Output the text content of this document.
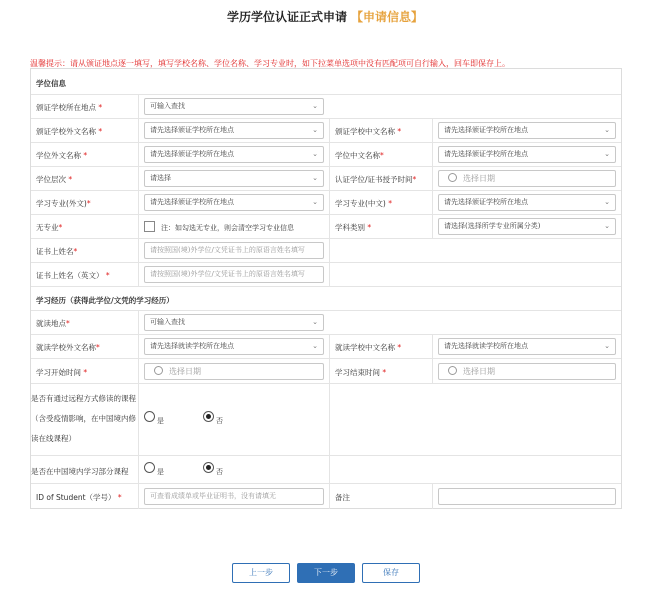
学历学位认证正式申请 【申请信息】
温馨提示：请从颁证地点逐一填写，填写学校名称、学位名称、学习专业时，如下拉菜单选项中没有匹配项可自行输入，回车即保存上。
学位信息
颁证学校所在地点 *	可输入查找	⌄
颁证学校外文名称 *	请先选择颁证学校所在地点	⌄ 颁证学校中文名称 *	请先选择颁证学校所在地点	⌄
学位外文名称 *	请先选择颁证学校所在地点	⌄ 学位中文名称*	请先选择颁证学校所在地点	⌄
学位层次 *	请选择	⌄ 认证学位/证书授予时间*	选择日期
学习专业(外文)*	请先选择颁证学校所在地点	⌄ 学习专业(中文) *	请先选择颁证学校所在地点	⌄
无专业*	注：如勾选无专业，则会清空学习专业信息	学科类别 *	请选择(选择所学专业所属分类)	⌄
证书上姓名*	请按照国(境)外学位/文凭证书上的原语言姓名填写
证书上姓名（英文） *	请按照国(境)外学位/文凭证书上的原语言姓名填写
学习经历（获得此学位/文凭的学习经历）
就读地点*	可输入查找	⌄
就读学校外文名称*	请先选择就读学校所在地点	⌄ 就读学校中文名称 *	请先选择就读学校所在地点	⌄
学习开始时间 *	选择日期	学习结束时间 *	选择日期
是否有通过远程方式修读的课程
（含受疫情影响，在中国境内修
读在线课程）
是	否
是否在中国境内学习部分课程	是	否
ID of Student（学号） *	可查看成绩单或毕业证明书，没有请填无	备注
上一步	下一步	保存
